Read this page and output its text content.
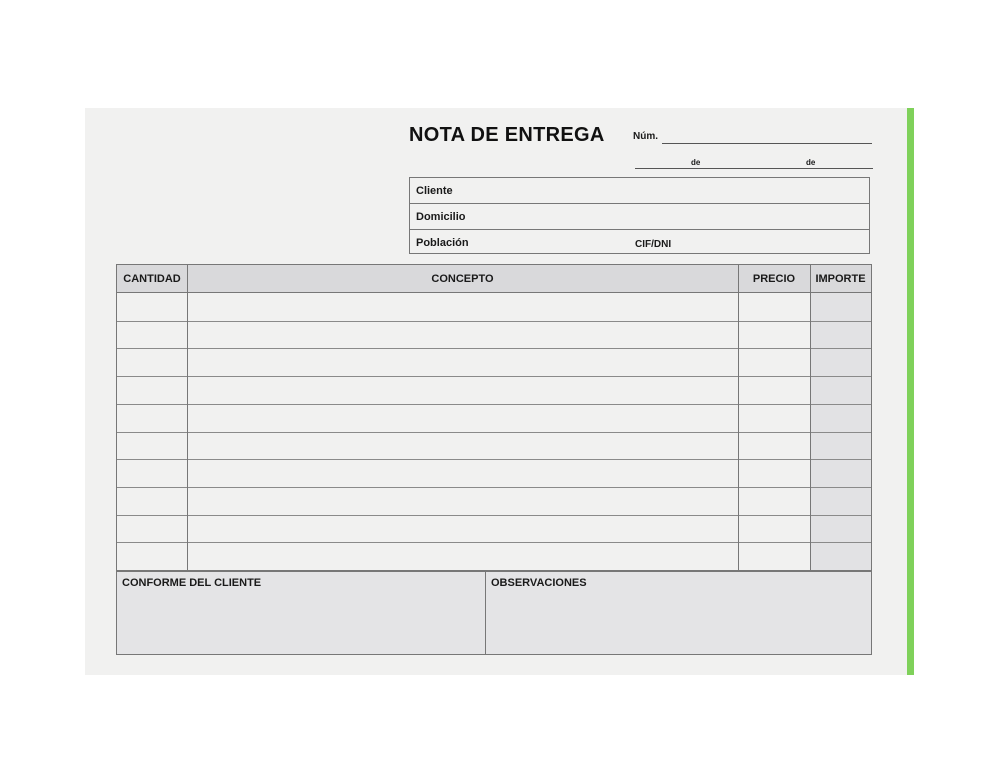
NOTA DE ENTREGA	Núm.
de	de
Cliente
Domicilio
Población	CIF/DNI
CANTIDAD	CONCEPTO	PRECIO	IMPORTE
CONFORME DEL CLIENTE	OBSERVACIONES
